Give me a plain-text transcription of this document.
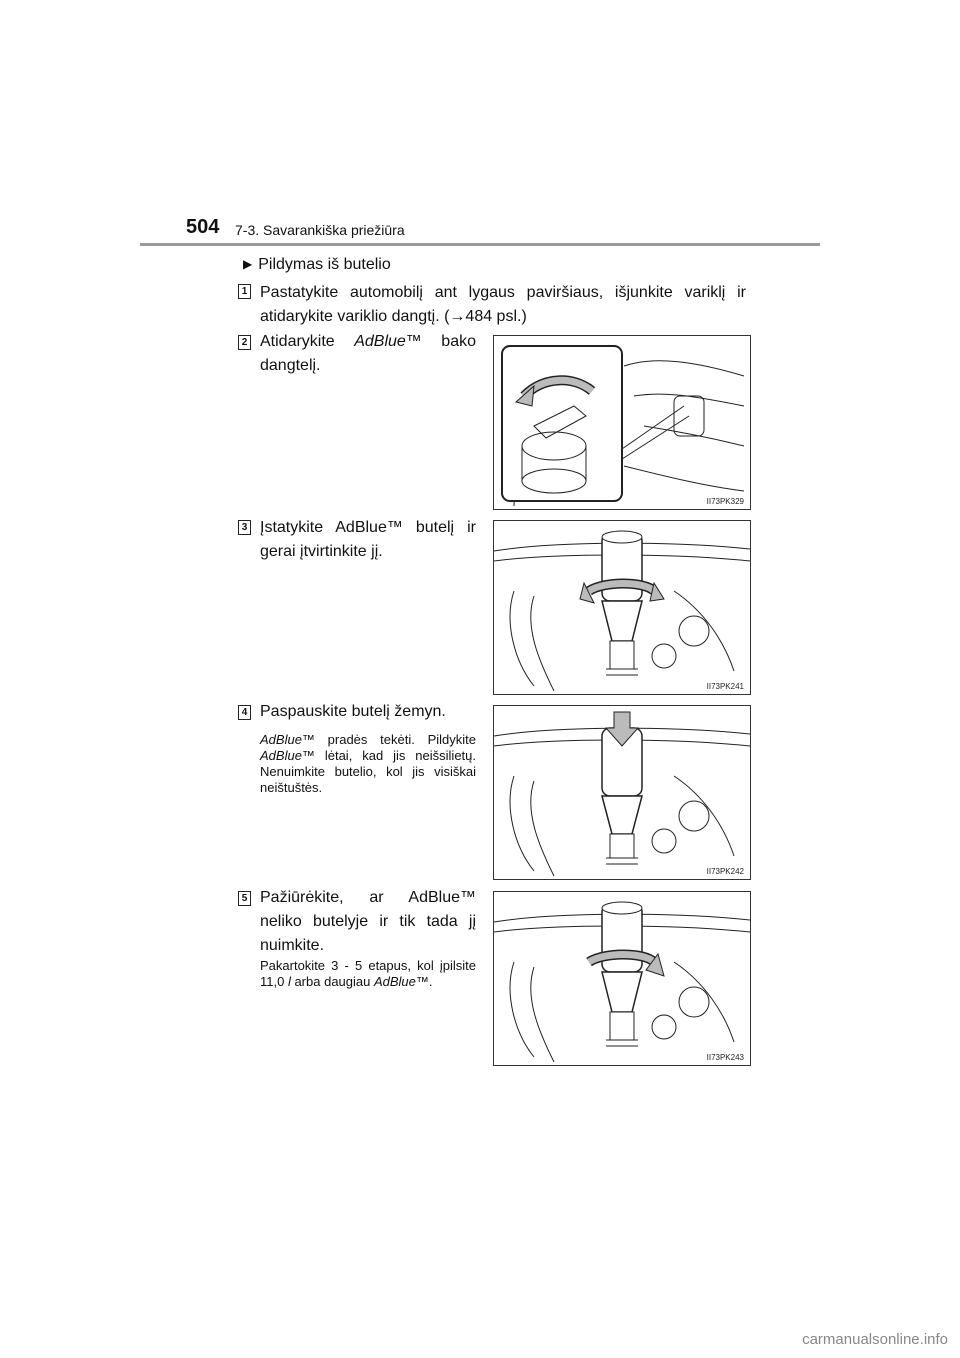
504 7-3. Savarankiška priežiūra
▶ Pildymas iš butelio
1 Pastatykite automobilį ant lygaus paviršiaus, išjunkite variklį ir atidarykite variklio dangtį. (→484 psl.)
2 Atidarykite AdBlue™ bako dangtelį.
II73PK329
3 Įstatykite AdBlue™ butelį ir gerai įtvirtinkite jį.
II73PK241
4 Paspauskite butelį žemyn.
AdBlue™ pradės tekėti. Pildykite AdBlue™ lėtai, kad jis neišsilietų. Nenuimkite butelio, kol jis visiškai neištuštės.
II73PK242
5 Pažiūrėkite, ar AdBlue™ neliko butelyje ir tik tada jį nuimkite.
Pakartokite 3 - 5 etapus, kol įpilsite 11,0 l arba daugiau AdBlue™.
II73PK243
carmanualsonline.info
